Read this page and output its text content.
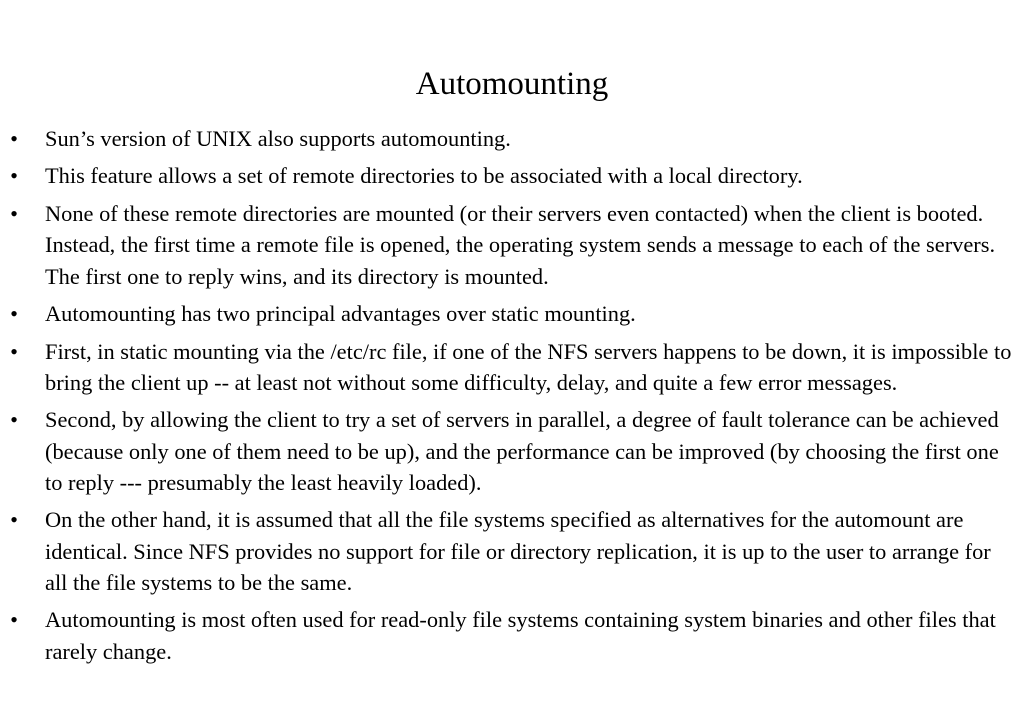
Automounting
• Sun’s version of UNIX also supports automounting.
• This feature allows a set of remote directories to be associated with a local directory.
• None of these remote directories are mounted (or their servers even contacted) when the client is booted. Instead, the first time a remote file is opened, the operating system sends a message to each of the servers. The first one to reply wins, and its directory is mounted.
• Automounting has two principal advantages over static mounting.
• First, in static mounting via the /etc/rc file, if one of the NFS servers happens to be down, it is impossible to bring the client up -- at least not without some difficulty, delay, and quite a few error messages.
• Second, by allowing the client to try a set of servers in parallel, a degree of fault tolerance can be achieved (because only one of them need to be up), and the performance can be improved (by choosing the first one to reply --- presumably the least heavily loaded).
• On the other hand, it is assumed that all the file systems specified as alternatives for the automount are identical. Since NFS provides no support for file or directory replication, it is up to the user to arrange for all the file systems to be the same.
• Automounting is most often used for read-only file systems containing system binaries and other files that rarely change.
